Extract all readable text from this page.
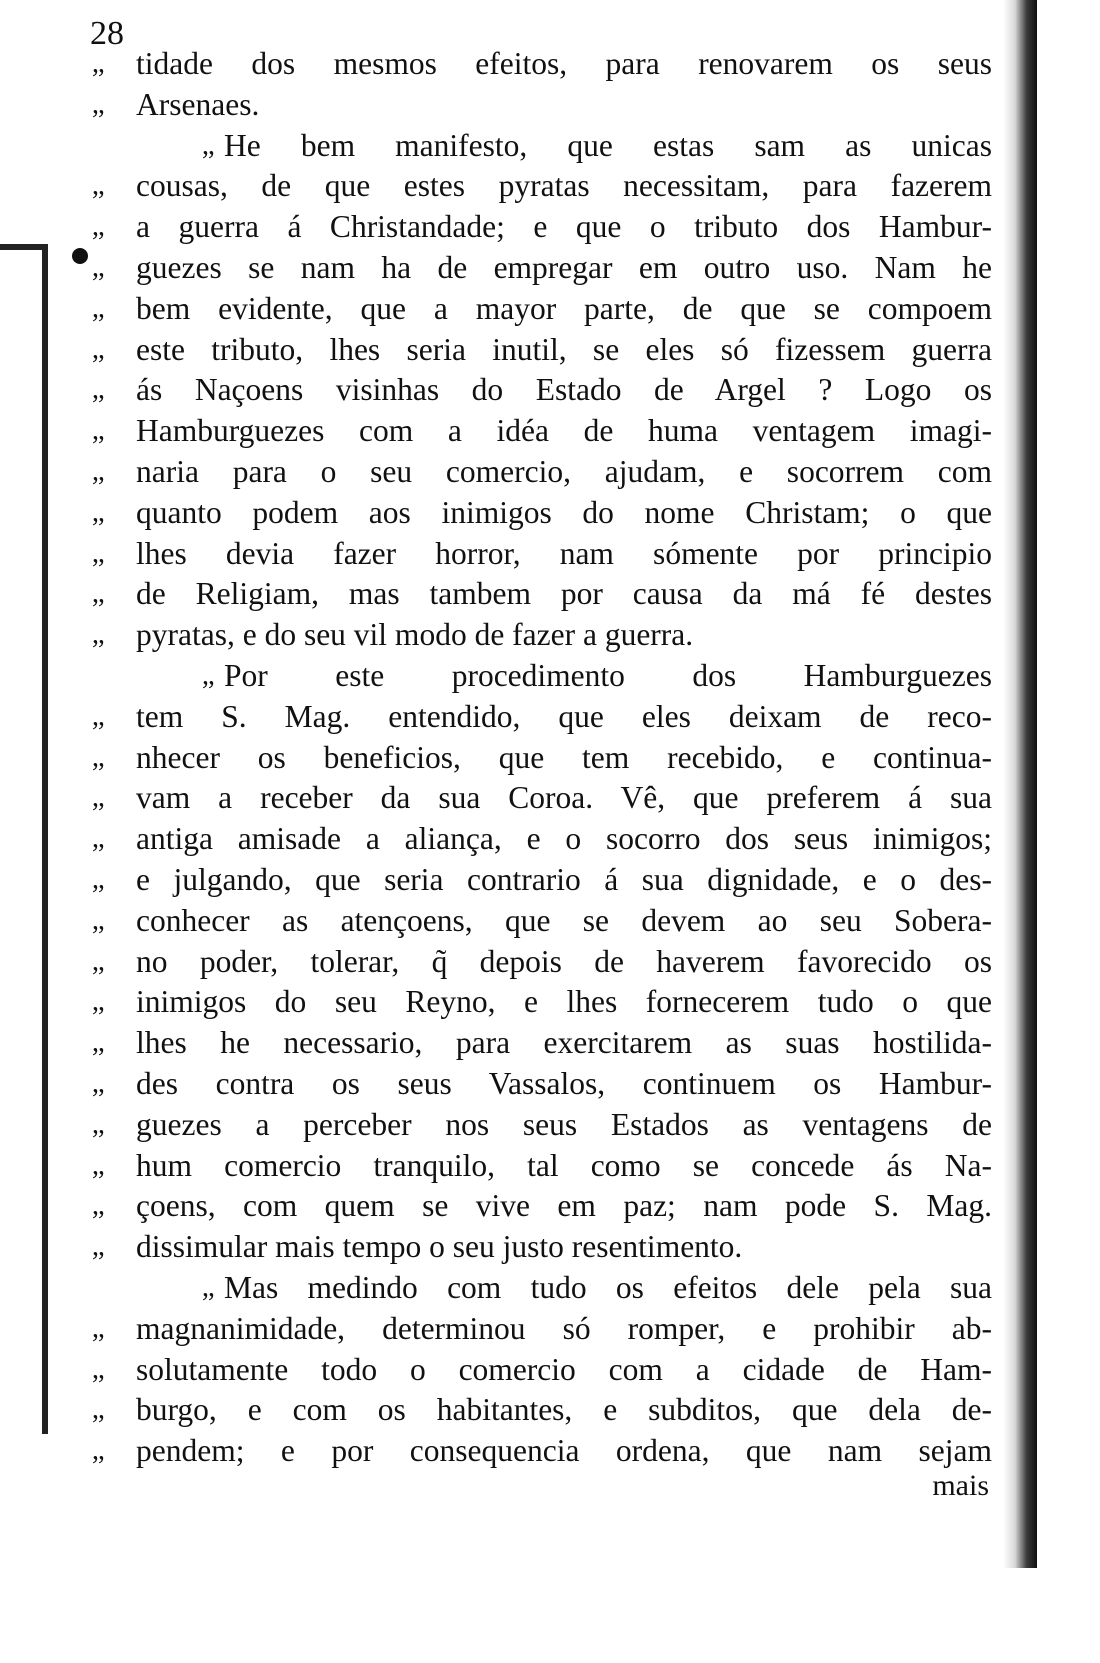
28
,,	tidade dos mesmos efeitos, para renovarem os seus
,,	Arsenaes.
,, He bem manifesto, que estas sam as unicas
,,	cousas, de que estes pyratas necessitam, para fazerem
,,	a guerra á Christandade; e que o tributo dos Hambur-
,,	guezes se nam ha de empregar em outro uso. Nam he
,,	bem evidente, que a mayor parte, de que se compoem
,,	este tributo, lhes seria inutil, se eles só fizessem guerra
,,	ás Naçoens visinhas do Estado de Argel ? Logo os
,,	Hamburguezes com a idéa de huma ventagem imagi-
,,	naria para o seu comercio, ajudam, e socorrem com
,,	quanto podem aos inimigos do nome Christam; o que
,,	lhes devia fazer horror, nam sómente por principio
,,	de Religiam, mas tambem por causa da má fé destes
,,	pyratas, e do seu vil modo de fazer a guerra.
,, Por este procedimento dos Hamburguezes
,,	tem S. Mag. entendido, que eles deixam de reco-
,,	nhecer os beneficios, que tem recebido, e continua-
,,	vam a receber da sua Coroa. Vê, que preferem á sua
,,	antiga amisade a aliança, e o socorro dos seus inimigos;
,,	e julgando, que seria contrario á sua dignidade, e o des-
,,	conhecer as atençoens, que se devem ao seu Sobera-
,,	no poder, tolerar, q̃ depois de haverem favorecido os
,,	inimigos do seu Reyno, e lhes fornecerem tudo o que
,,	lhes he necessario, para exercitarem as suas hostilida-
,,	des contra os seus Vassalos, continuem os Hambur-
,,	guezes a perceber nos seus Estados as ventagens de
,,	hum comercio tranquilo, tal como se concede ás Na-
,,	çoens, com quem se vive em paz; nam pode S. Mag.
,,	dissimular mais tempo o seu justo resentimento.
,, Mas medindo com tudo os efeitos dele pela sua
,,	magnanimidade, determinou só romper, e prohibir ab-
,,	solutamente todo o comercio com a cidade de Ham-
,,	burgo, e com os habitantes, e subditos, que dela de-
,,	pendem; e por consequencia ordena, que nam sejam
mais
